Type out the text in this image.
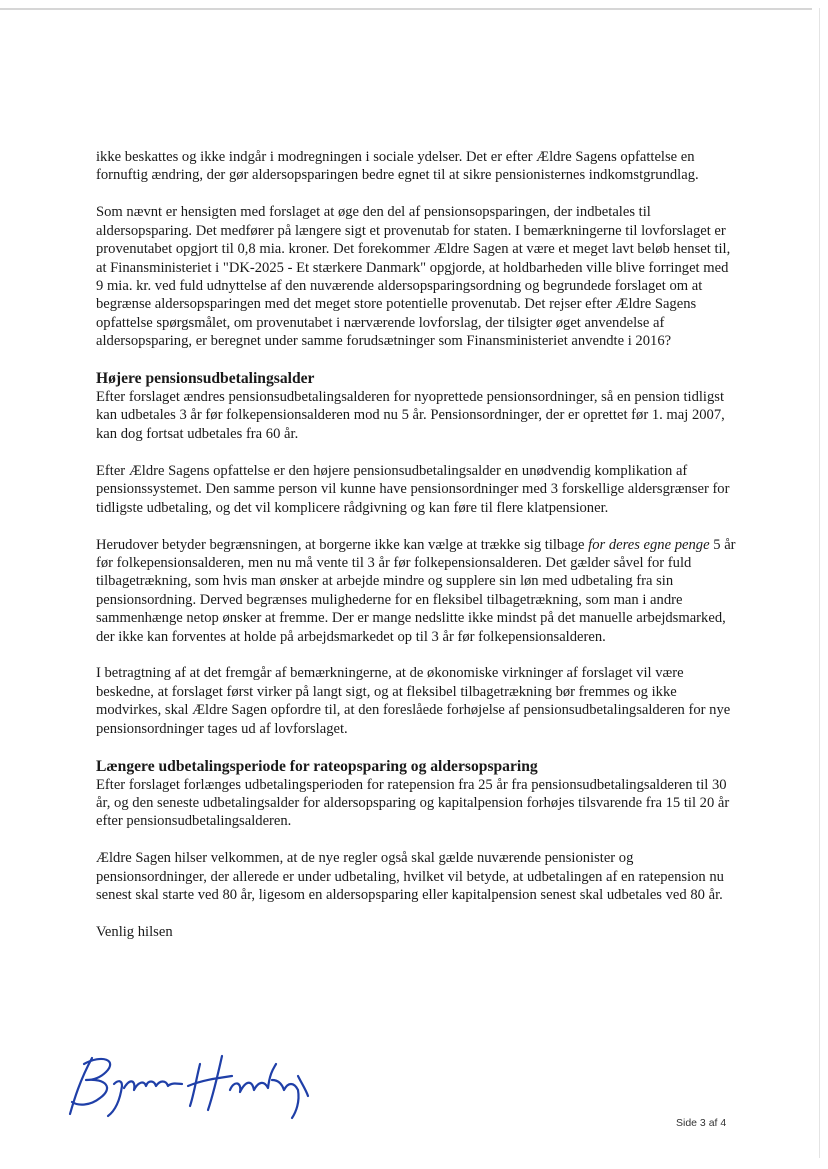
ikke beskattes og ikke indgår i modregningen i sociale ydelser. Det er efter Ældre Sagens opfattelse en fornuftig ændring, der gør aldersopsparingen bedre egnet til at sikre pensionisternes indkomstgrundlag.

Som nævnt er hensigten med forslaget at øge den del af pensionsopsparingen, der indbetales til aldersopsparing. Det medfører på længere sigt et provenutab for staten. I bemærkningerne til lovforslaget er provenutabet opgjort til 0,8 mia. kroner. Det forekommer Ældre Sagen at være et meget lavt beløb henset til, at Finansministeriet i "DK-2025 - Et stærkere Danmark" opgjorde, at holdbarheden ville blive forringet med 9 mia. kr. ved fuld udnyttelse af den nuværende aldersopsparingsordning og begrundede forslaget om at begrænse aldersopsparingen med det meget store potentielle provenutab. Det rejser efter Ældre Sagens opfattelse spørgsmålet, om provenutabet i nærværende lovforslag, der tilsigter øget anvendelse af aldersopsparing, er beregnet under samme forudsætninger som Finansministeriet anvendte i 2016?

Højere pensionsudbetalingsalder

Efter forslaget ændres pensionsudbetalingsalderen for nyoprettede pensionsordninger, så en pension tidligst kan udbetales 3 år før folkepensionsalderen mod nu 5 år. Pensionsordninger, der er oprettet før 1. maj 2007, kan dog fortsat udbetales fra 60 år.

Efter Ældre Sagens opfattelse er den højere pensionsudbetalingsalder en unødvendig komplikation af pensionssystemet. Den samme person vil kunne have pensionsordninger med 3 forskellige aldersgrænser for tidligste udbetaling, og det vil komplicere rådgivning og kan føre til flere klatpensioner.

Herudover betyder begrænsningen, at borgerne ikke kan vælge at trække sig tilbage for deres egne penge 5 år før folkepensionsalderen, men nu må vente til 3 år før folkepensionsalderen. Det gælder såvel for fuld tilbagetrækning, som hvis man ønsker at arbejde mindre og supplere sin løn med udbetaling fra sin pensionsordning. Derved begrænses mulighederne for en fleksibel tilbagetrækning, som man i andre sammenhænge netop ønsker at fremme. Der er mange nedslitte ikke mindst på det manuelle arbejdsmarked, der ikke kan forventes at holde på arbejdsmarkedet op til 3 år før folkepensionsalderen.

I betragtning af at det fremgår af bemærkningerne, at de økonomiske virkninger af forslaget vil være beskedne, at forslaget først virker på langt sigt, og at fleksibel tilbagetrækning bør fremmes og ikke modvirkes, skal Ældre Sagen opfordre til, at den foreslåede forhøjelse af pensionsudbetalingsalderen for nye pensionsordninger tages ud af lovforslaget.

Længere udbetalingsperiode for rateopsparing og aldersopsparing

Efter forslaget forlænges udbetalingsperioden for ratepension fra 25 år fra pensionsudbetalingsalderen til 30 år, og den seneste udbetalingsalder for aldersopsparing og kapitalpension forhøjes tilsvarende fra 15 til 20 år efter pensionsudbetalingsalderen.

Ældre Sagen hilser velkommen, at de nye regler også skal gælde nuværende pensionister og pensionsordninger, der allerede er under udbetaling, hvilket vil betyde, at udbetalingen af en ratepension nu senest skal starte ved 80 år, ligesom en aldersopsparing eller kapitalpension senest skal udbetales ved 80 år.

Venlig hilsen

Side 3 af 4
